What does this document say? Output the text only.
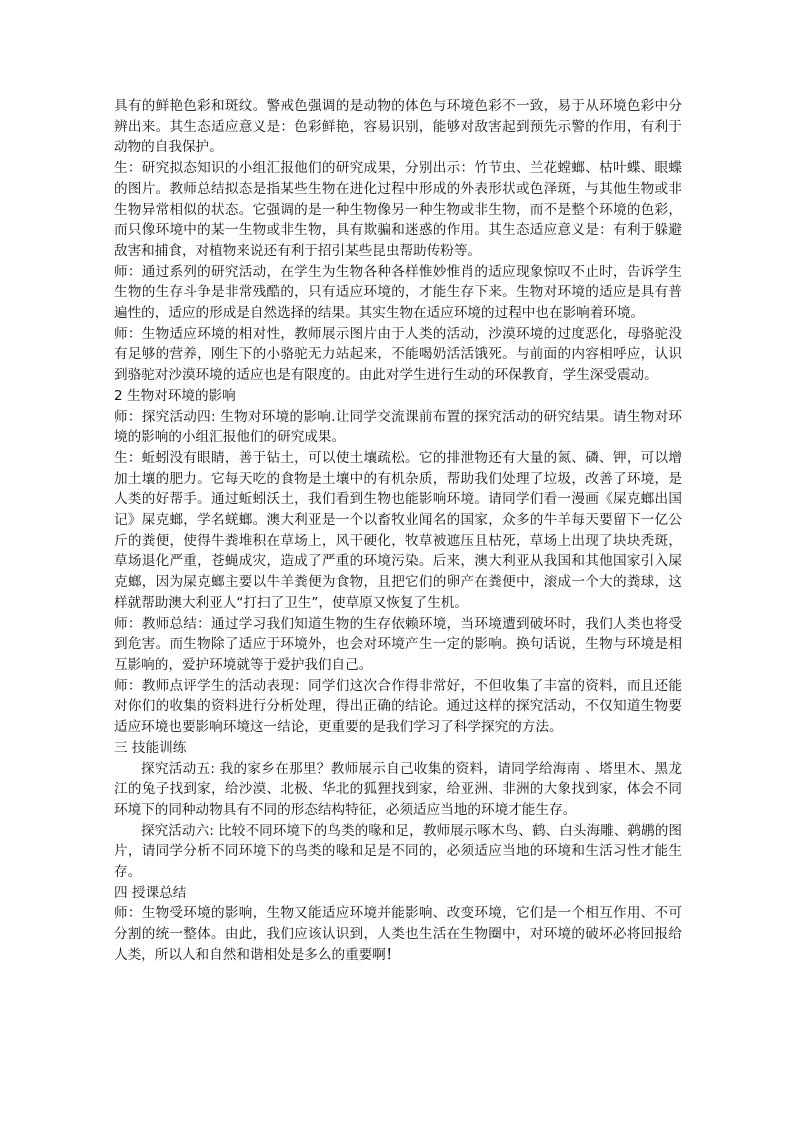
具有的鲜艳色彩和斑纹。警戒色强调的是动物的体色与环境色彩不一致，易于从环境色彩中分辨出来。其生态适应意义是：色彩鲜艳，容易识别，能够对敌害起到预先示警的作用，有利于动物的自我保护。

生：研究拟态知识的小组汇报他们的研究成果，分别出示：竹节虫、兰花螳螂、枯叶蝶、眼蝶的图片。教师总结拟态是指某些生物在进化过程中形成的外表形状或色泽斑，与其他生物或非生物异常相似的状态。它强调的是一种生物像另一种生物或非生物，而不是整个环境的色彩，而只像环境中的某一生物或非生物，具有欺骗和迷惑的作用。其生态适应意义是：有利于躲避敌害和捕食，对植物来说还有利于招引某些昆虫帮助传粉等。

师：通过系列的研究活动，在学生为生物各种各样惟妙惟肖的适应现象惊叹不止时，告诉学生生物的生存斗争是非常残酷的，只有适应环境的，才能生存下来。生物对环境的适应是具有普遍性的，适应的形成是自然选择的结果。其实生物在适应环境的过程中也在影响着环境。

师：生物适应环境的相对性，教师展示图片由于人类的活动，沙漠环境的过度恶化，母骆驼没有足够的营养，刚生下的小骆驼无力站起来，不能喝奶活活饿死。与前面的内容相呼应，认识到骆驼对沙漠环境的适应也是有限度的。由此对学生进行生动的环保教育，学生深受震动。

2 生物对环境的影响

师：探究活动四: 生物对环境的影响.让同学交流课前布置的探究活动的研究结果。请生物对环境的影响的小组汇报他们的研究成果。

生：蚯蚓没有眼睛，善于钻土，可以使土壤疏松。它的排泄物还有大量的氮、磷、钾，可以增加土壤的肥力。它每天吃的食物是土壤中的有机杂质，帮助我们处理了垃圾，改善了环境，是人类的好帮手。通过蚯蚓沃土，我们看到生物也能影响环境。请同学们看一漫画《屎克螂出国记》屎克螂，学名蜣螂。澳大利亚是一个以畜牧业闻名的国家，众多的牛羊每天要留下一亿公斤的粪便，使得牛粪堆积在草场上，风干硬化，牧草被遮压且枯死，草场上出现了块块秃斑，草场退化严重，苍蝇成灾，造成了严重的环境污染。后来，澳大利亚从我国和其他国家引入屎克螂，因为屎克螂主要以牛羊粪便为食物，且把它们的卵产在粪便中，滚成一个大的粪球，这样就帮助澳大利亚人“打扫了卫生”，使草原又恢复了生机。

师：教师总结：通过学习我们知道生物的生存依赖环境，当环境遭到破坏时，我们人类也将受到危害。而生物除了适应于环境外，也会对环境产生一定的影响。换句话说，生物与环境是相互影响的，爱护环境就等于爱护我们自己。

师：教师点评学生的活动表现：同学们这次合作得非常好，不但收集了丰富的资料，而且还能对你们的收集的资料进行分析处理，得出正确的结论。通过这样的探究活动，不仅知道生物要适应环境也要影响环境这一结论，更重要的是我们学习了科学探究的方法。

三 技能训练

探究活动五: 我的家乡在那里？教师展示自己收集的资料，请同学给海南 、塔里木、黑龙江的兔子找到家，给沙漠、北极、华北的狐狸找到家，给亚洲、非洲的大象找到家，体会不同环境下的同种动物具有不同的形态结构特征，必须适应当地的环境才能生存。

探究活动六: 比较不同环境下的鸟类的喙和足，教师展示啄木鸟、鹤、白头海雕、鹈鹕的图片，请同学分析不同环境下的鸟类的喙和足是不同的，必须适应当地的环境和生活习性才能生存。

四 授课总结

师：生物受环境的影响，生物又能适应环境并能影响、改变环境，它们是一个相互作用、不可分割的统一整体。由此，我们应该认识到，人类也生活在生物圈中，对环境的破坏必将回报给人类，所以人和自然和谐相处是多么的重要啊！
